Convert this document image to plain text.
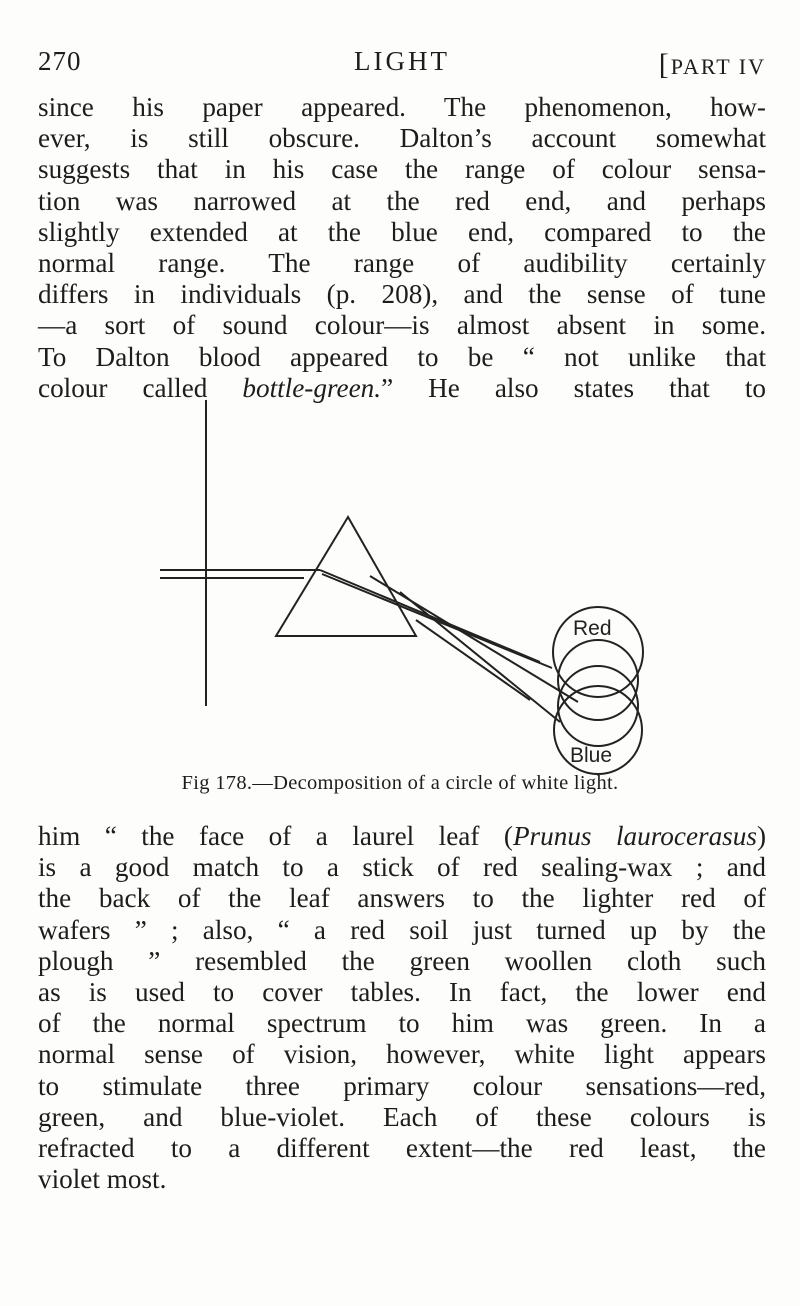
270	LIGHT	[PART IV
since his paper appeared. The phenomenon, how-
ever, is still obscure. Dalton’s account somewhat
suggests that in his case the range of colour sensa-
tion was narrowed at the red end, and perhaps
slightly extended at the blue end, compared to the
normal range. The range of audibility certainly
differs in individuals (p. 208), and the sense of tune
—a sort of sound colour—is almost absent in some.
To Dalton blood appeared to be “ not unlike that
colour called bottle-green.” He also states that to
Red
Blue
Fig 178.—Decomposition of a circle of white light.
him “ the face of a laurel leaf (Prunus laurocerasus)
is a good match to a stick of red sealing-wax ; and
the back of the leaf answers to the lighter red of
wafers ” ; also, “ a red soil just turned up by the
plough ” resembled the green woollen cloth such
as is used to cover tables. In fact, the lower end
of the normal spectrum to him was green. In a
normal sense of vision, however, white light appears
to stimulate three primary colour sensations—red,
green, and blue-violet. Each of these colours is
refracted to a different extent—the red least, the
violet most.
